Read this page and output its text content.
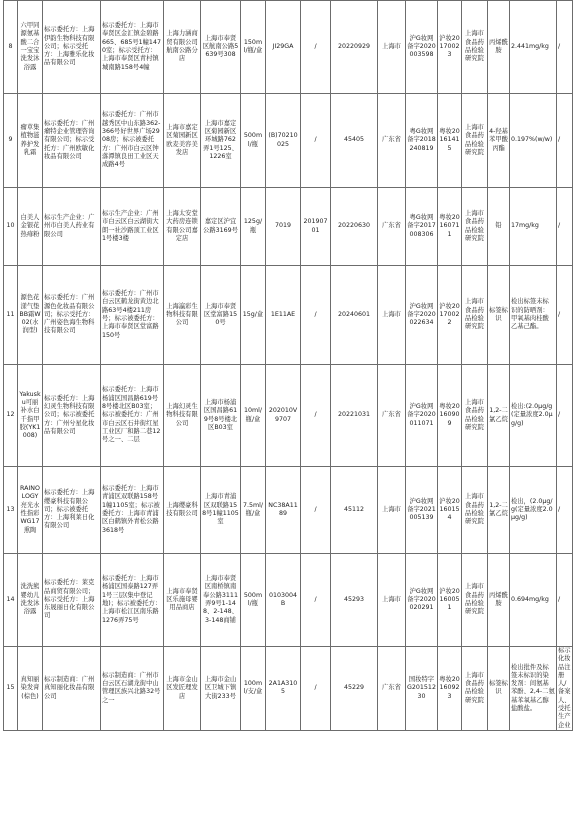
8	六甲同源氨基酸二合一宝宝洗发沐浴露	标示委托方：上海伊韵生物科技有限公司；标示受托方：上海雅乐化妆品有限公司	标示委托方：上海市奉贤区金汇镇金碧路665、685号1幢1470室；标示受托方：上海市奉贤区青村镇城南路158号4幢	上海力涵商贸有限公司航南公路分店	上海市奉贤区航南公路5639号308	150ml/瓶/盒	JI29GA	/	20220929	上海市	沪G妆网备字2020003598	沪妆20170023	上海市食品药品检验研究院	丙烯酰胺	2.441mg/kg	/
9	瘤草集植物滋养护发乳霜	标示委托方：广州瘤特企业管理咨询有限公司；标示受托方：广州欧敏化妆品有限公司	标示委托方：广州市越秀区中山东路362-366号好世界广场2908房；标示被委托方：广州市白云区钟落潭镇良田工业区天成路4号	上海市嘉定区菊园新区欧麦美容美发店	上海市嘉定区菊园新区环城路762弄1号125、1226室	500ml/瓶	(B)70210025	/	45405	广东省	粤G妆网备字2018240819	粤妆20161415	上海市食品药品检验研究院	4-羟基苯甲酸丙酯	0.197%(w/w)	/
10	白美人金银花热痱粉	标示生产企业：广州市白美人药业有限公司	标示生产企业：广州市白云区白云湖街大朗一社沙路顶工业区1号楼3楼	上海太安堂大药房连锁有限公司嘉定店	嘉定区沪宜公路3169号	125g/瓶	7019	20190701	20220630	广东省	粤G妆网备字2017008306	粤妆20160711	上海市食品药品检验研究院	铅	17mg/kg	/
11	源色花漾气垫BB霜W02(水润型)	标示委托方：广州源色化妆品有限公司；标示受托方：广州姿色海生物科技有限公司	标示委托方：广州市白云区鹤龙街黄边北路63号4楼211房号；标示被委托方：上海市奉贤区堂富路150号	上海瀛彩生物科技有限公司	上海市奉贤区堂富路150号	15g/盒	1E11AE	/	20240601	上海市	沪G妆网备字2020022634	沪妆20170022	上海市食品药品检验研究院	标签标识	检出标签未标识的防晒剂：甲氧基肉桂酸乙基己酯。	/
12	Yakusku可丽补水白千指甲胶(YK1008)	标示委托方：上海幻灵生物科技有限公司；标示被委托方：广州兮星化妆品有限公司	标示委托方：上海市杨浦区国昌路619号8号楼北区B03室；标示被委托方：广州市白云区石井街红星工业区厂和路二巷12号之一、二层	上海幻灵生物科技有限公司	上海市杨浦区国昌路619号8号楼北区B03室	10ml/瓶/盒	202010V9707	/	20221031	广东省	沪G妆网备字2020011071	粤妆20160909	上海市食品药品检验研究院	1,2-二氯乙烷	检出:(2.0μg/g(定量浓度2.0μg/g)	/
13	RAINOLOGY亮光水性指彩WG17熏陶	标示委托方：上海缨豪科技有限公司；标示被委托方：上海利莱日化有限公司	标示委托方：上海市青浦区双联路158号1幢1105室；标示被委托方：上海市青浦区白鹤镇外青松公路3618号	上海缨豪科技有限公司	上海市青浦区双联路158号1幢1105室	7.5ml/瓶/盒	NC38A1189	/	45112	上海市	沪G妆网备字2021005139	沪妆20160154	上海市食品药品检验研究院	1,2-二氯乙烷	检出，(2.0μg/g(定量浓度2.0μg/g)	/
14	洗洗熊婴幼儿洗发沐浴露	标示委托方：莱克品商贸有限公司；标示受托方：上海东晟丽日化有限公司	标示委托方：上海市杨浦区国泰路127弄1号三层(集中登记地)；标示被委托方：上海市松江区南乐路1276弄75号	上海市奉贤区乐施母婴用品商店	上海市奉贤区南桥镇南奉公路3111弄9号1-148、2-148、3-148商铺	500ml/瓶	0103004B	/	45293	上海市	沪G妆网备字2020020291	沪妆20160051	上海市食品药品检验研究院	丙烯酰胺	0.694mg/kg	/
15	真知丽染发膏(棕色)	标示制造商：广州真知丽化妆品有限公司	标示制造商：广州市白云区石湖龙街中山管理区族兴北路32号之一	上海市金山区发匠理发店	上海市金山区卫城下镇大街233号	100ml/支/盒	2A1A3105	/	45229	广东省	国妆特字G20151230	粤妆20160923	上海市食品药品检验研究院	标签标识	检出批件及标签未标识的染发剂：间氨基苯酚、2,4-二氨基苯氧基乙醇盐酸盐。	标示化妆品注册人/备案人、受托生产企业
